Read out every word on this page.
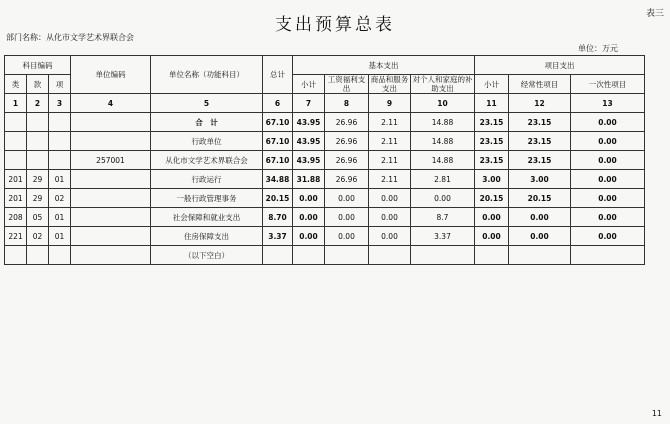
表三
支出预算总表
部门名称：从化市文学艺术界联合会
单位：万元
科目编码			单位编码	单位名称（功能科目）	总计	基本支出				项目支出		
类	款	项				小计	工资福利支出	商品和服务支出	对个人和家庭的补助支出	小计	经常性项目	一次性项目

1	2	3	4	5	6	7	8	9	10	11	12	13
				合　计	67.10	43.95	26.96	2.11	14.88	23.15	23.15	0.00
				行政单位	67.10	43.95	26.96	2.11	14.88	23.15	23.15	0.00
			257001	从化市文学艺术界联合会	67.10	43.95	26.96	2.11	14.88	23.15	23.15	0.00
201	29	01		行政运行	34.88	31.88	26.96	2.11	2.81	3.00	3.00	0.00
201	29	02		一般行政管理事务	20.15	0.00	0.00	0.00	0.00	20.15	20.15	0.00
208	05	01		社会保障和就业支出	8.70	0.00	0.00	0.00	8.7	0.00	0.00	0.00
221	02	01		住房保障支出	3.37	0.00	0.00	0.00	3.37	0.00	0.00	0.00
				（以下空白）								
11
